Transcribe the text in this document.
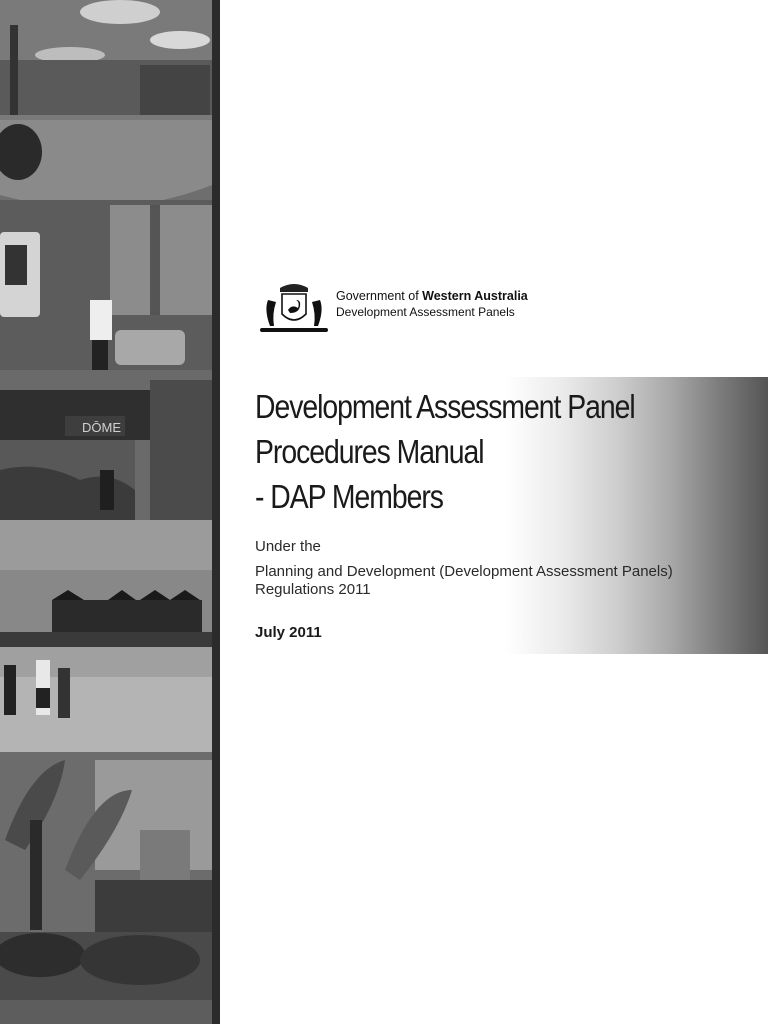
DŌME
Government of Western Australia
Development Assessment Panels
Development Assessment Panel
Procedures Manual
- DAP Members
Under the
Planning and Development (Development Assessment Panels) Regulations 2011
July 2011
